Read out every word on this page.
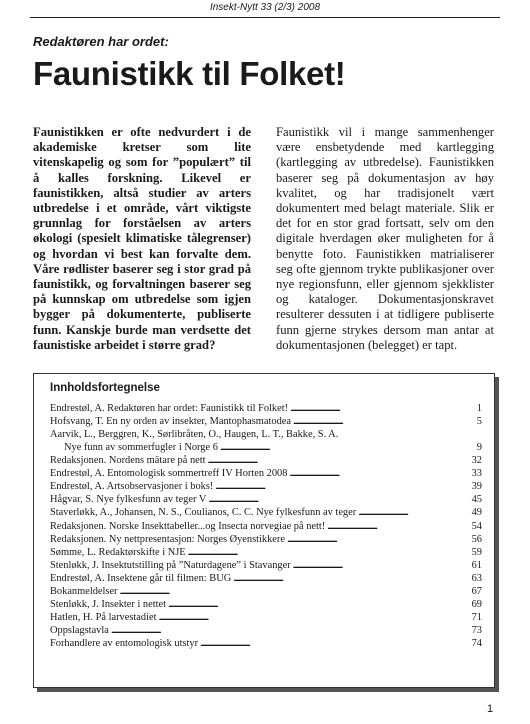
Insekt-Nytt 33 (2/3) 2008
Redaktøren har ordet:
Faunistikk til Folket!

Faunistikken er ofte nedvurdert i de akademiske kretser som lite vitenskapelig og som for ”populært” til å kalles forskning. Likevel er faunistikken, altså studier av arters utbredelse i et område, vårt viktigste grunnlag for forståelsen av arters økologi (spesielt klimatiske tålegrenser) og hvordan vi best kan forvalte dem. Våre rødlister baserer seg i stor grad på faunistikk, og forvaltningen baserer seg på kunnskap om utbredelse som igjen bygger på dokumenterte, publiserte funn. Kanskje burde man verdsette det faunistiske arbeidet i større grad?

Faunistikk vil i mange sammenhenger være ensbetydende med kartlegging (kartlegging av utbredelse). Faunistikken baserer seg på dokumentasjon av høy kvalitet, og har tradisjonelt vært dokumentert med belagt materiale. Slik er det for en stor grad fortsatt, selv om den digitale hverdagen øker muligheten for å benytte foto. Faunistikken matrialiserer seg ofte gjennom trykte publikasjoner over nye regionsfunn, eller gjennom sjekklister og kataloger. Dokumentasjonskravet resulterer dessuten i at tidligere publiserte funn gjerne strykes dersom man antar at dokumentasjonen (belegget) er tapt.

Innholdsfortegnelse
Endrestøl, A. Redaktøren har ordet: Faunistikk til Folket! . . .	1
Hofsvang, T. En ny orden av insekter, Mantophasmatodea . . .	5
Aarvik, L., Berggren, K., Sørlibråten, O., Haugen, L. T., Bakke, S. A.
Nye funn av sommerfugler i Norge 6 . . .	9
Redaksjonen. Nordens mätare på nett . . .	32
Endrestøl, A. Entomologisk sommertreff IV Horten 2008 . . .	33
Endrestøl, A. Artsobservasjoner i boks! . . .	39
Hågvar, S. Nye fylkesfunn av teger V . . .	45
Staverløkk, A., Johansen, N. S., Coulianos, C. C. Nye fylkesfunn av teger . . .	49
Redaksjonen. Norske Insekttabeller...og Insecta norvegiae på nett! . . .	54
Redaksjonen. Ny nettpresentasjon: Norges Øyenstikkere . . .	56
Sømme, L. Redaktørskifte i NJE . . .	59
Stenløkk, J. Insektutstilling på ”Naturdagene” i Stavanger . . .	61
Endrestøl, A. Insektene går til filmen: BUG . . .	63
Bokanmeldelser . . .	67
Stenløkk, J. Insekter i nettet . . .	69
Hatlen, H. På larvestadiet . . .	71
Oppslagstavla . . .	73
Forhandlere av entomologisk utstyr . . .	74
1
